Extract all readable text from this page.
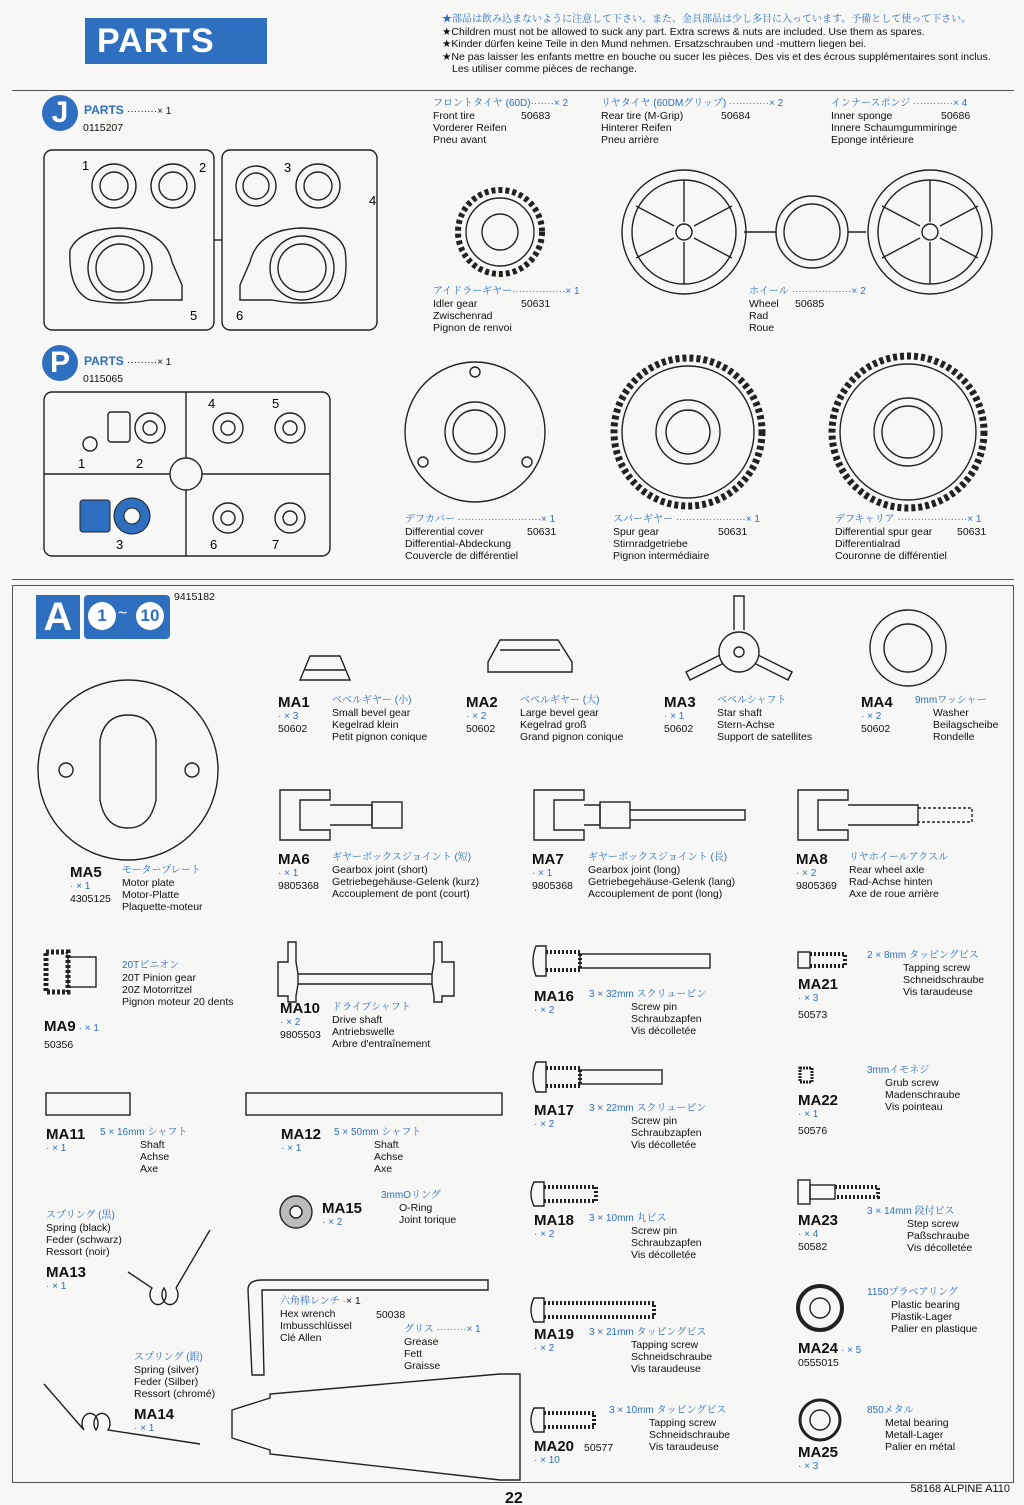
PARTS
★部品は飲み込まないように注意して下さい。また、金具部品は少し多目に入っています。予備として使って下さい。
★Children must not be allowed to suck any part. Extra screws & nuts are included. Use them as spares.
★Kinder dürfen keine Teile in den Mund nehmen. Ersatzschrauben und -muttern liegen bei.
★Ne pas laisser les enfants mettre en bouche ou sucer les pièces. Des vis et des écrous supplémentaires sont inclus.
Les utiliser comme pièces de rechange.
J	PARTS ·········× 1
0115207
1	2	3
4
5	6
P	PARTS ·········× 1
0115065
1	2
3
4	5
6	7
フロントタイヤ (60D)·······× 2
Front tire	50683
Vorderer Reifen
Pneu avant
リヤタイヤ (60DMグリップ) ············× 2
Rear tire (M-Grip)	50684
Hinterer Reifen
Pneu arrière
インナースポンジ ············× 4
Inner sponge	50686
Innere Schaumgummiringe
Eponge intérieure
アイドラーギヤー················× 1
Idler gear	50631
Zwischenrad
Pignon de renvoi
ホイール ··················× 2
Wheel 50685
Rad
Roue
デフカバー ·························× 1
Differential cover	50631
Differential-Abdeckung
Couvercle de différentiel
スパーギヤー ·····················× 1
Spur gear	50631
Stirnradgetriebe
Pignon intermédiaire
デフキャリア ·····················× 1
Differential spur gear 50631
Differentialrad
Couronne de différentiel
A	1 ~ 10
9415182
MA1
· × 3
50602
ベベルギヤー (小)
Small bevel gear
Kegelrad klein
Petit pignon conique
MA2
· × 2
50602
ベベルギヤー (大)
Large bevel gear
Kegelrad groß
Grand pignon conique
MA3
· × 1
50602
ベベルシャフト
Star shaft
Stern-Achse
Support de satellites
MA4
· × 2
50602
9mmワッシャー
Washer
Beilagscheibe
Rondelle
MA5
· × 1
4305125
モータープレート
Motor plate
Motor-Platte
Plaquette-moteur
MA6
· × 1
9805368
ギヤーボックスジョイント (短)
Gearbox joint (short)
Getriebegehäuse-Gelenk (kurz)
Accouplement de pont (court)
MA7
· × 1
9805368
ギヤーボックスジョイント (長)
Gearbox joint (long)
Getriebegehäuse-Gelenk (lang)
Accouplement de pont (long)
MA8
· × 2
9805369
リヤホイールアクスル
Rear wheel axle
Rad-Achse hinten
Axe de roue arrière
20Tピニオン
20T Pinion gear
20Z Motorritzel
Pignon moteur 20 dents
MA9 · × 1
50356
MA10
· × 2
9805503
ドライブシャフト
Drive shaft
Antriebswelle
Arbre d'entraînement
MA16
· × 2
3 × 32mm スクリューピン
Screw pin
Schraubzapfen
Vis décolletée
MA21
· × 3
50573
2 × 8mm タッピングビス
Tapping screw
Schneidschraube
Vis taraudeuse
MA11
· × 1
5 × 16mm シャフト
Shaft
Achse
Axe
MA12
· × 1
5 × 50mm シャフト
Shaft
Achse
Axe
MA17
· × 2
3 × 22mm スクリューピン
Screw pin
Schraubzapfen
Vis décolletée
MA22
· × 1
50576
3mmイモネジ
Grub screw
Madenschraube
Vis pointeau
スプリング (黒)
Spring (black)
Feder (schwarz)
Ressort (noir)
MA13
· × 1
MA15
· × 2
3mmOリング
O-Ring
Joint torique	MA18
· × 2
3 × 10mm 丸ビス
Screw pin
Schraubzapfen
Vis décolletée
MA23
· × 4
50582
3 × 14mm 段付ビス
Step screw
Paßschraube
Vis décolletée
六角棒レンチ ·× 1
50038
Hex wrench
Imbusschlüssel
Clé Allen
グリス ·········× 1
Grease
Fett
Graisse
MA19
· × 2
3 × 21mm タッピングビス
Tapping screw
Schneidschraube
Vis taraudeuse
MA24 · × 5
0555015
1150プラベアリング
Plastic bearing
Plastik-Lager
Palier en plastique
スプリング (銀)
Spring (silver)
Feder (Silber)
Ressort (chromé)
MA14
· × 1
MA20 50577
· × 10
3 × 10mm タッピングビス
Tapping screw
Schneidschraube
Vis taraudeuse	MA25
· × 3
850メタル
Metal bearing
Metall-Lager
Palier en métal
58168 ALPINE A110
22
